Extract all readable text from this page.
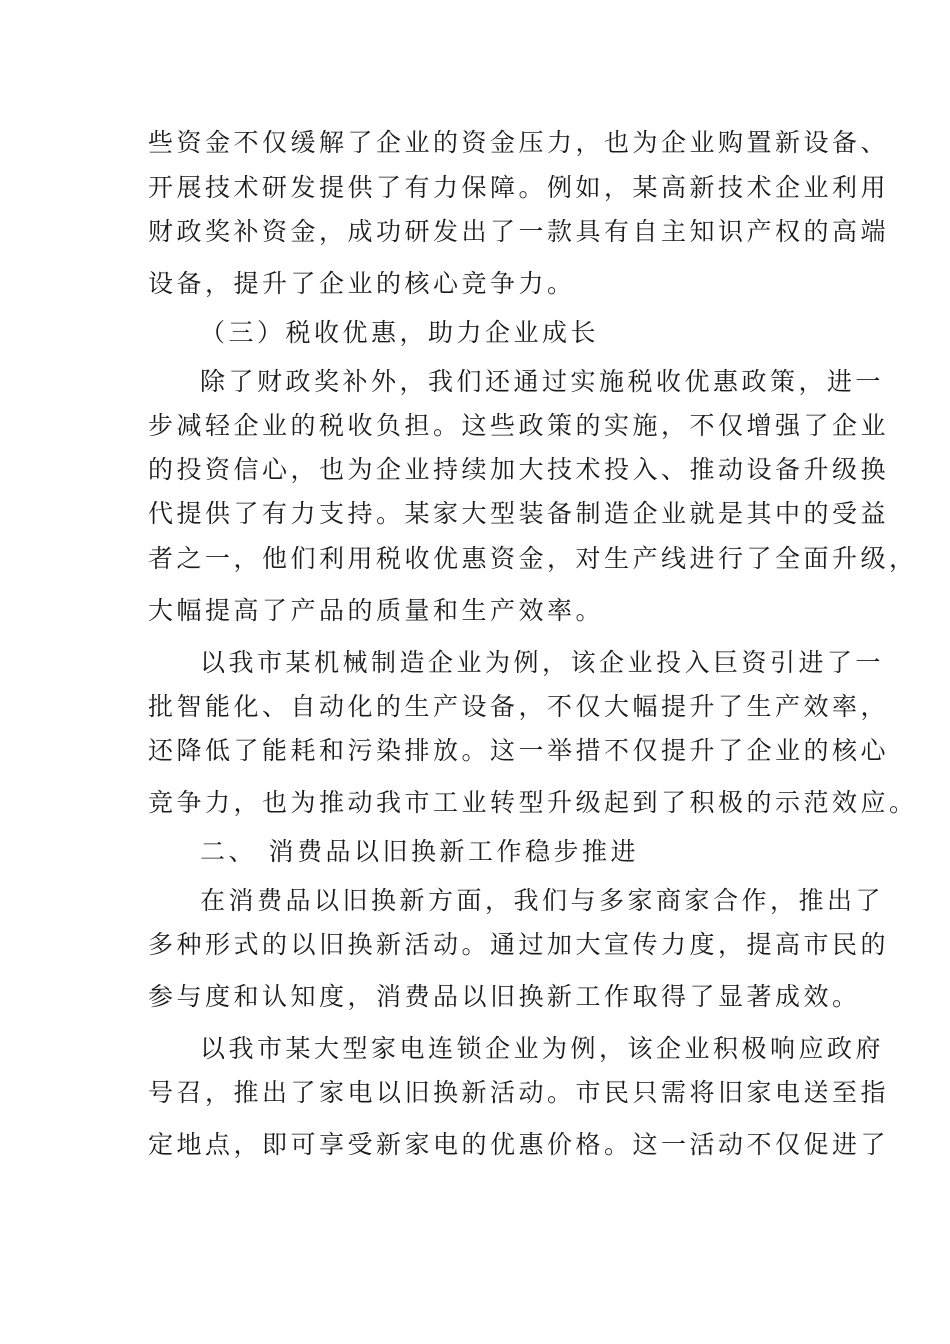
些资金不仅缓解了企业的资金压力，也为企业购置新设备、
开展技术研发提供了有力保障。例如，某高新技术企业利用
财政奖补资金，成功研发出了一款具有自主知识产权的高端
设备，提升了企业的核心竞争力。
（三）税收优惠，助力企业成长
除了财政奖补外，我们还通过实施税收优惠政策，进一
步减轻企业的税收负担。这些政策的实施，不仅增强了企业
的投资信心，也为企业持续加大技术投入、推动设备升级换
代提供了有力支持。某家大型装备制造企业就是其中的受益
者之一，他们利用税收优惠资金，对生产线进行了全面升级，
大幅提高了产品的质量和生产效率。
以我市某机械制造企业为例，该企业投入巨资引进了一
批智能化、自动化的生产设备，不仅大幅提升了生产效率，
还降低了能耗和污染排放。这一举措不仅提升了企业的核心
竞争力，也为推动我市工业转型升级起到了积极的示范效应。
二、 消费品以旧换新工作稳步推进
在消费品以旧换新方面，我们与多家商家合作，推出了
多种形式的以旧换新活动。通过加大宣传力度，提高市民的
参与度和认知度，消费品以旧换新工作取得了显著成效。
以我市某大型家电连锁企业为例，该企业积极响应政府
号召，推出了家电以旧换新活动。市民只需将旧家电送至指
定地点，即可享受新家电的优惠价格。这一活动不仅促进了
